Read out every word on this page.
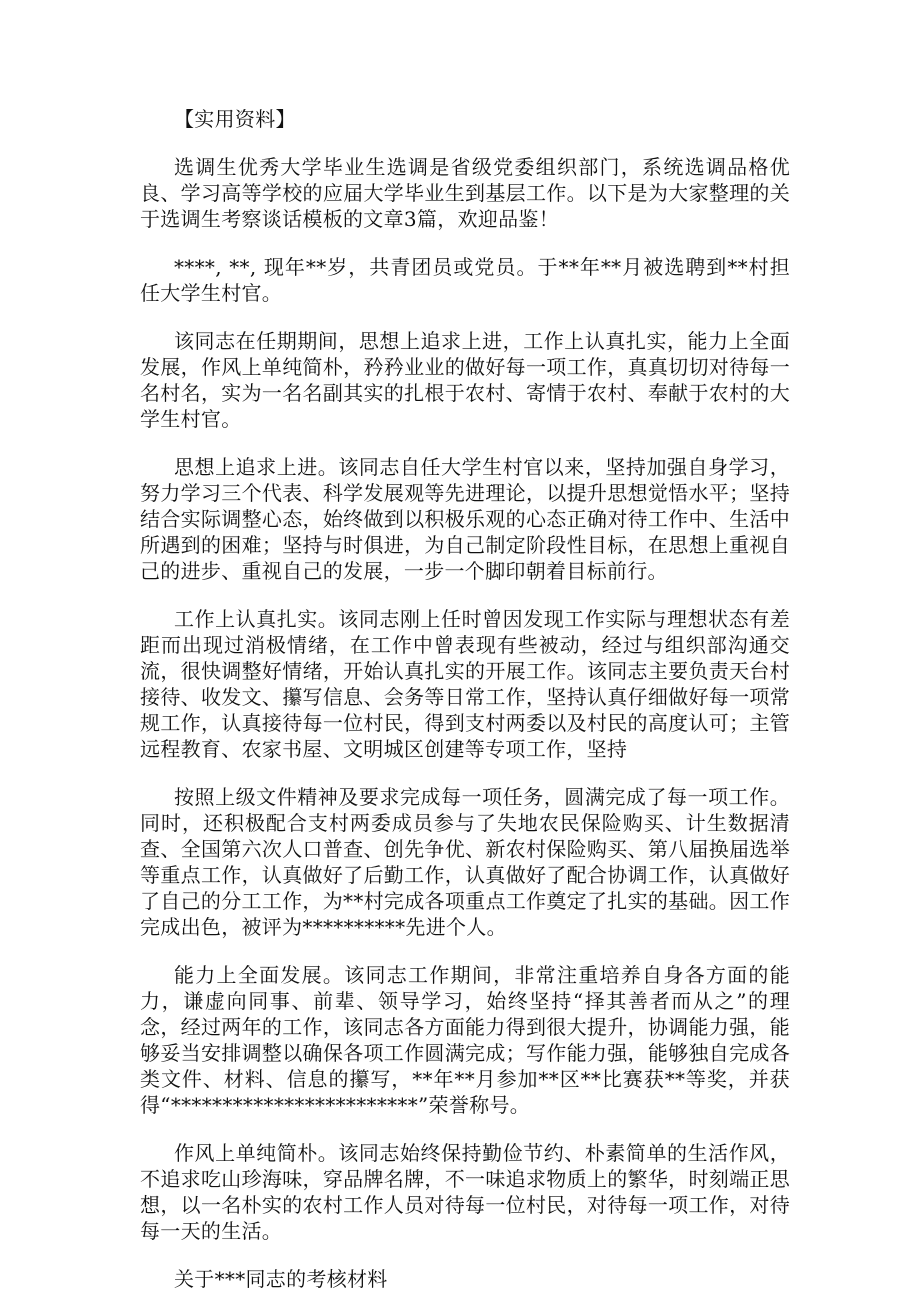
【实用资料】

选调生优秀大学毕业生选调是省级党委组织部门，系统选调品格优良、学习高等学校的应届大学毕业生到基层工作。以下是为大家整理的关于选调生考察谈话模板的文章3篇，欢迎品鉴！

****, **, 现年**岁，共青团员或党员。于**年**月被选聘到**村担任大学生村官。

该同志在任期期间，思想上追求上进，工作上认真扎实，能力上全面发展，作风上单纯简朴，矜矜业业的做好每一项工作，真真切切对待每一名村名，实为一名名副其实的扎根于农村、寄情于农村、奉献于农村的大学生村官。

思想上追求上进。该同志自任大学生村官以来，坚持加强自身学习，努力学习三个代表、科学发展观等先进理论，以提升思想觉悟水平；坚持结合实际调整心态，始终做到以积极乐观的心态正确对待工作中、生活中所遇到的困难；坚持与时俱进，为自己制定阶段性目标，在思想上重视自己的进步、重视自己的发展，一步一个脚印朝着目标前行。

工作上认真扎实。该同志刚上任时曾因发现工作实际与理想状态有差距而出现过消极情绪，在工作中曾表现有些被动，经过与组织部沟通交流，很快调整好情绪，开始认真扎实的开展工作。该同志主要负责天台村接待、收发文、攥写信息、会务等日常工作，坚持认真仔细做好每一项常规工作，认真接待每一位村民，得到支村两委以及村民的高度认可；主管远程教育、农家书屋、文明城区创建等专项工作，坚持

按照上级文件精神及要求完成每一项任务，圆满完成了每一项工作。同时，还积极配合支村两委成员参与了失地农民保险购买、计生数据清查、全国第六次人口普查、创先争优、新农村保险购买、第八届换届选举等重点工作，认真做好了后勤工作，认真做好了配合协调工作，认真做好了自己的分工工作，为**村完成各项重点工作奠定了扎实的基础。因工作完成出色，被评为**********先进个人。

能力上全面发展。该同志工作期间，非常注重培养自身各方面的能力，谦虚向同事、前辈、领导学习，始终坚持“择其善者而从之”的理念，经过两年的工作，该同志各方面能力得到很大提升，协调能力强，能够妥当安排调整以确保各项工作圆满完成；写作能力强，能够独自完成各类文件、材料、信息的攥写，**年**月参加**区**比赛获**等奖，并获得“************************”荣誉称号。

作风上单纯简朴。该同志始终保持勤俭节约、朴素简单的生活作风，不追求吃山珍海味，穿品牌名牌，不一味追求物质上的繁华，时刻端正思想，以一名朴实的农村工作人员对待每一位村民，对待每一项工作，对待每一天的生活。

关于***同志的考核材料
